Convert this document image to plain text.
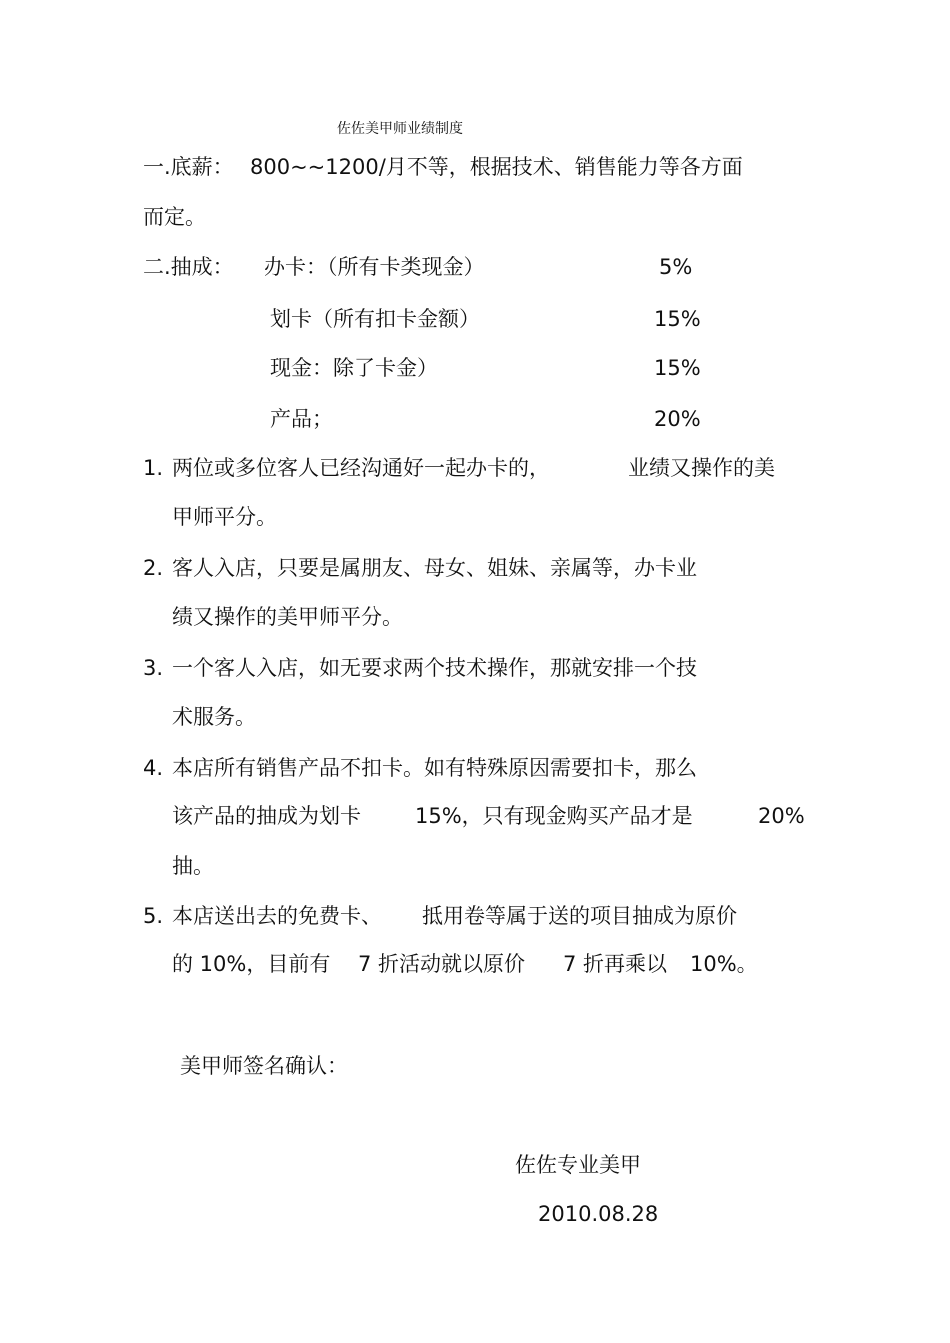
佐佐美甲师业绩制度
一.底薪： 800~~1200/月不等，根据技术、销售能力等各方面
而定。
二.抽成： 办卡：（所有卡类现金）	5%
划卡（所有扣卡金额）	15%
现金：除了卡金）	15%
产品；	20%
1. 两位或多位客人已经沟通好一起办卡的，	业绩又操作的美
甲师平分。
2. 客人入店，只要是属朋友、母女、姐妹、亲属等，办卡业
绩又操作的美甲师平分。
3. 一个客人入店，如无要求两个技术操作，那就安排一个技
术服务。
4. 本店所有销售产品不扣卡。如有特殊原因需要扣卡，那么
该产品的抽成为划卡	15%，只有现金购买产品才是	20%
抽。
5. 本店送出去的免费卡、 抵用卷等属于送的项目抽成为原价
的 10%，目前有 7 折活动就以原价 7 折再乘以 10%。
美甲师签名确认：
佐佐专业美甲
2010.08.28
